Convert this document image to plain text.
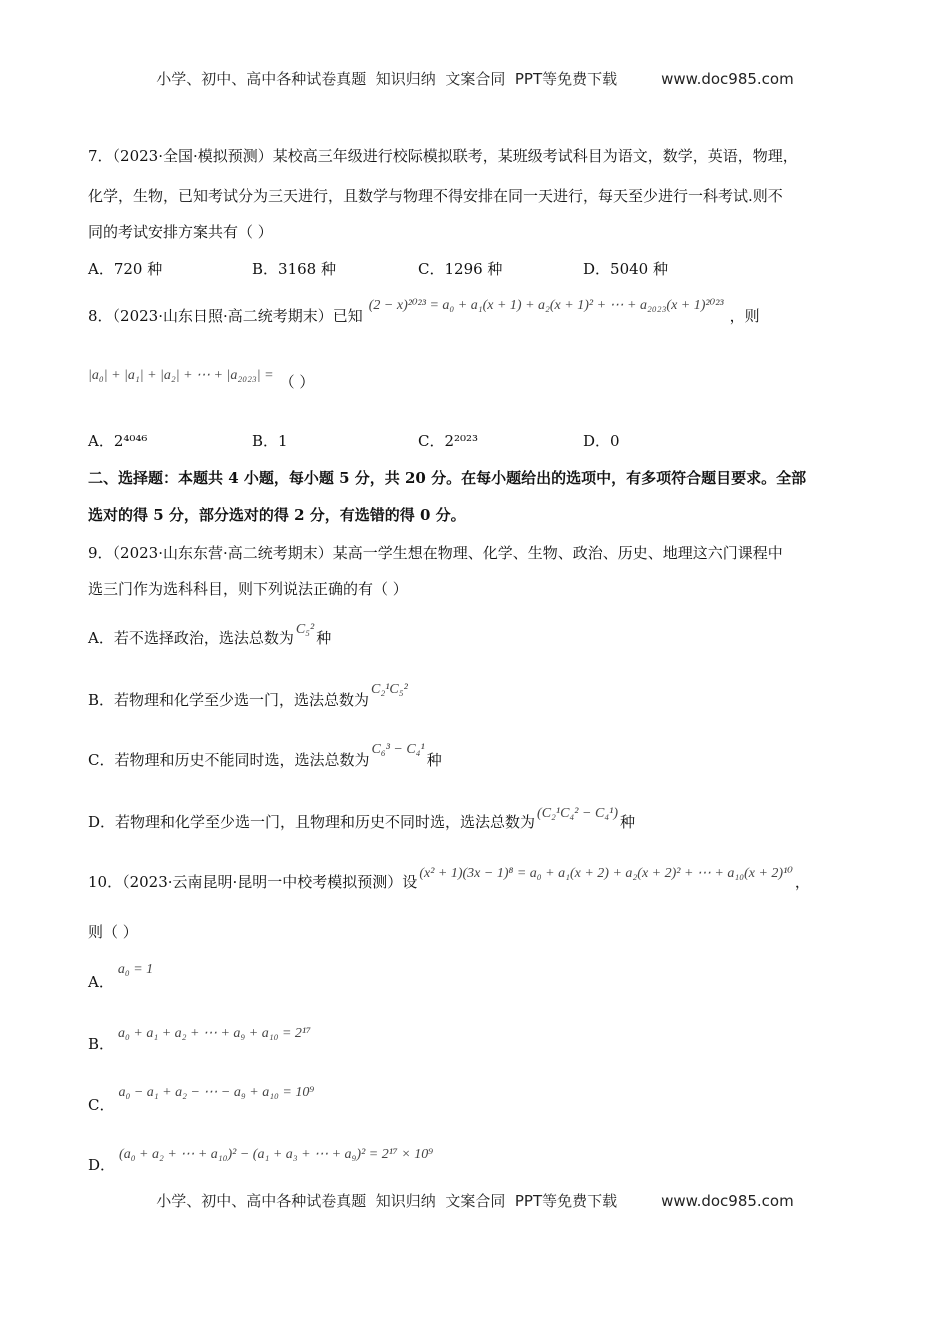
小学、初中、高中各种试卷真题  知识归纳  文案合同  PPT等免费下载	www.doc985.com
7．（2023·全国·模拟预测）某校高三年级进行校际模拟联考，某班级考试科目为语文，数学，英语，物理，
化学，生物，已知考试分为三天进行，且数学与物理不得安排在同一天进行，每天至少进行一科考试.则不
同的考试安排方案共有（ ）
A．720 种	B．3168 种	C．1296 种	D．5040 种
8．（2023·山东日照·高二统考期末）已知(2 − x)²⁰²³ = a₀ + a₁(x + 1) + a₂(x + 1)² + ⋯ + a₂₀₂₃(x + 1)²⁰²³，则
|a₀| + |a₁| + |a₂| + ⋯ + |a₂₀₂₃| = （ ）
A．2⁴⁰⁴⁶	B．1	C．2²⁰²³	D．0
二、选择题：本题共 4 小题，每小题 5 分，共 20 分。在每小题给出的选项中，有多项符合题目要求。全部
选对的得 5 分，部分选对的得 2 分，有选错的得 0 分。
9．（2023·山东东营·高二统考期末）某高一学生想在物理、化学、生物、政治、历史、地理这六门课程中
选三门作为选科科目，则下列说法正确的有（ ）
A．若不选择政治，选法总数为 C₅² 种
B．若物理和化学至少选一门，选法总数为C₂¹C₅²
C．若物理和历史不能同时选，选法总数为C₆³ − C₄¹种
D．若物理和化学至少选一门，且物理和历史不同时选，选法总数为 (C₂¹C₄² − C₄¹) 种
10．（2023·云南昆明·昆明一中校考模拟预测）设 (x² + 1)(3x − 1)⁸ = a₀ + a₁(x + 2) + a₂(x + 2)² + ⋯ + a₁₀(x + 2)¹⁰ ，
则（ ）
A．a₀ = 1
B．a₀ + a₁ + a₂ + ⋯ + a₉ + a₁₀ = 2¹⁷
C．a₀ − a₁ + a₂ − ⋯ − a₉ + a₁₀ = 10⁹
D．(a₀ + a₂ + ⋯ + a₁₀)² − (a₁ + a₃ + ⋯ + a₉)² = 2¹⁷ × 10⁹
小学、初中、高中各种试卷真题  知识归纳  文案合同  PPT等免费下载	www.doc985.com
